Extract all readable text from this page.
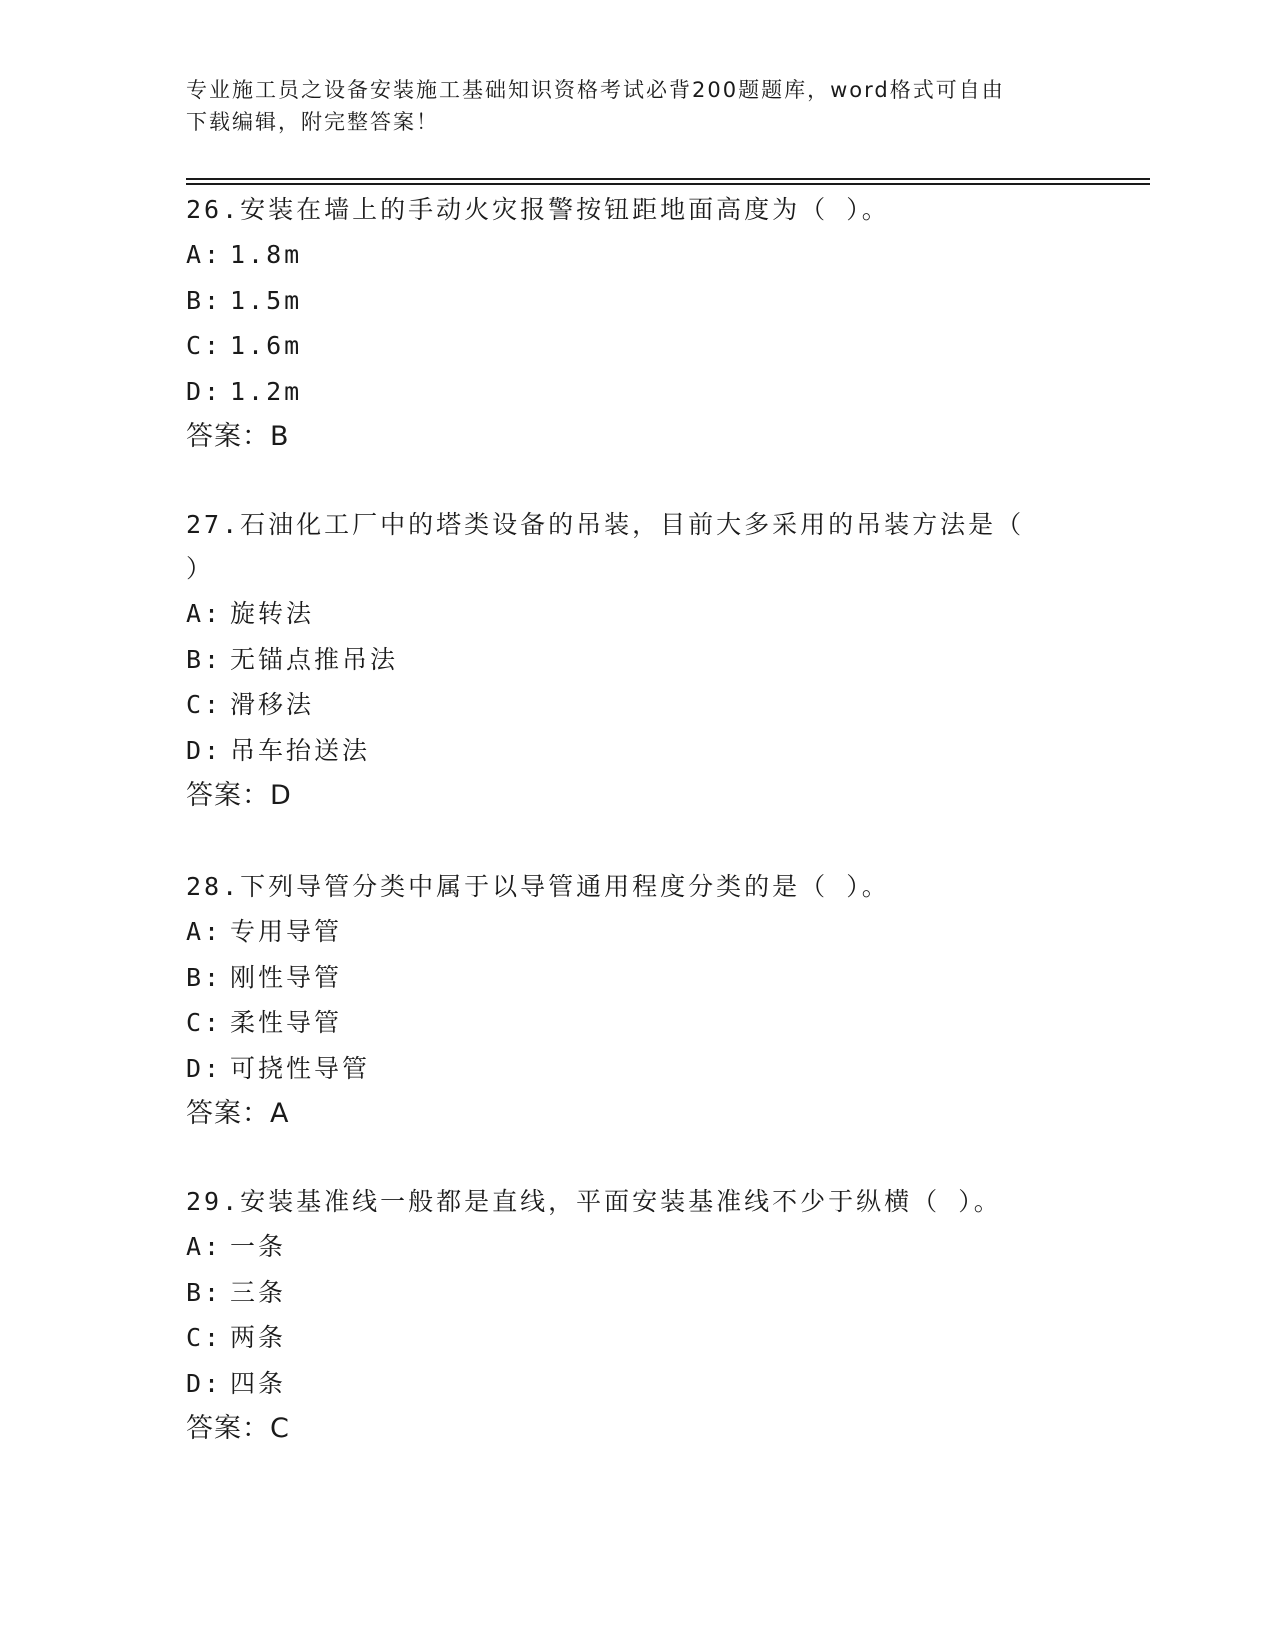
专业施工员之设备安装施工基础知识资格考试必背200题题库，word格式可自由
下载编辑，附完整答案！

26.安装在墙上的手动火灾报警按钮距地面高度为（ ）。

A: 1.8m

B: 1.5m

C: 1.6m

D: 1.2m

答案：B

27.石油化工厂中的塔类设备的吊装，目前大多采用的吊装方法是（ ）

A: 旋转法

B: 无锚点推吊法

C: 滑移法

D: 吊车抬送法

答案：D

28.下列导管分类中属于以导管通用程度分类的是（ ）。

A: 专用导管

B: 刚性导管

C: 柔性导管

D: 可挠性导管

答案：A

29.安装基准线一般都是直线，平面安装基准线不少于纵横（ ）。

A: 一条

B: 三条

C: 两条

D: 四条

答案：C
